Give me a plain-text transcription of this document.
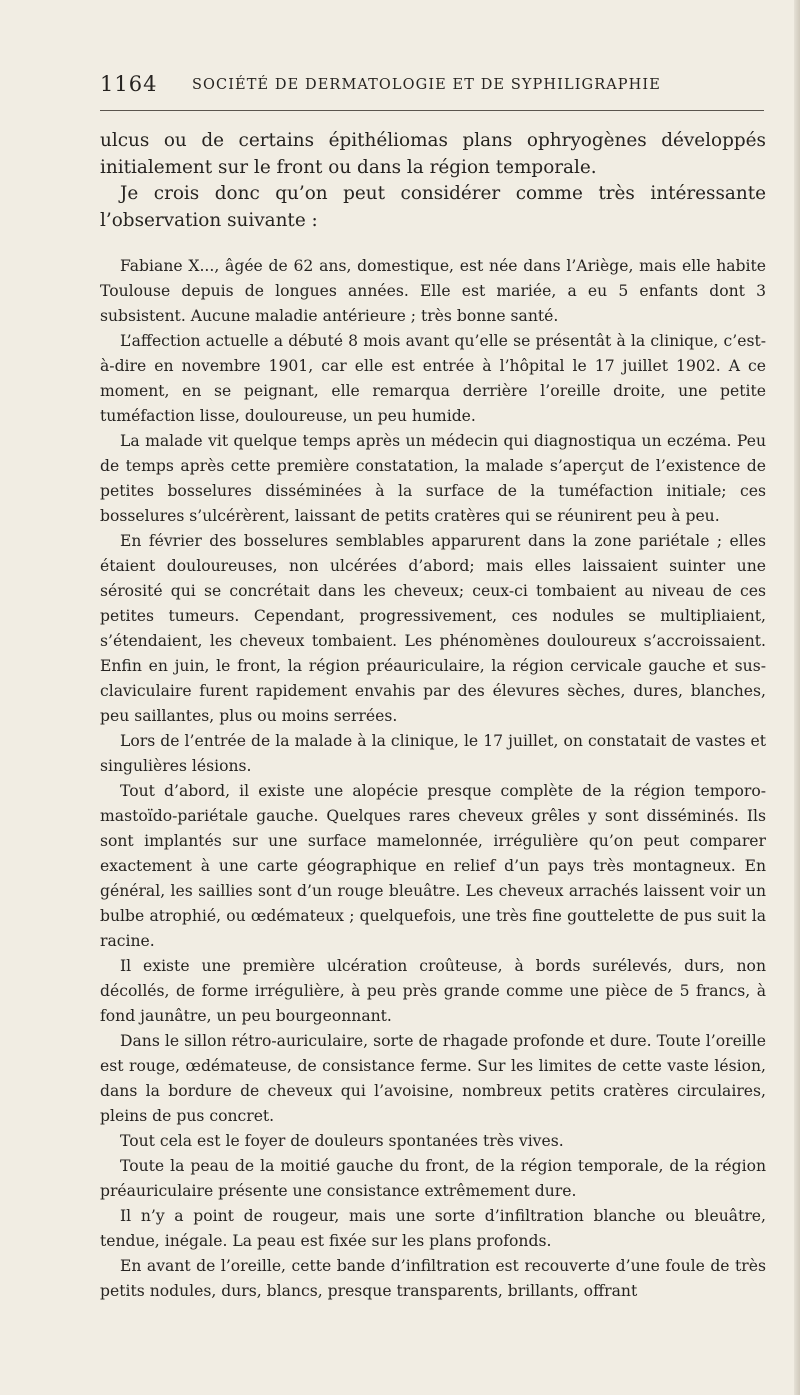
1164 SOCIÉTÉ DE DERMATOLOGIE ET DE SYPHILIGRAPHIE

ulcus ou de certains épithéliomas plans ophryogènes développés initialement sur le front ou dans la région temporale.

Je crois donc qu’on peut considérer comme très intéressante l’observation suivante :

Fabiane X..., âgée de 62 ans, domestique, est née dans l’Ariège, mais elle habite Toulouse depuis de longues années. Elle est mariée, a eu 5 enfants dont 3 subsistent. Aucune maladie antérieure ; très bonne santé.

L’affection actuelle a débuté 8 mois avant qu’elle se présentât à la clinique, c’est-à-dire en novembre 1901, car elle est entrée à l’hôpital le 17 juillet 1902. A ce moment, en se peignant, elle remarqua derrière l’oreille droite, une petite tuméfaction lisse, douloureuse, un peu humide.

La malade vit quelque temps après un médecin qui diagnostiqua un eczéma. Peu de temps après cette première constatation, la malade s’aperçut de l’existence de petites bosselures disséminées à la surface de la tuméfaction initiale; ces bosselures s’ulcérèrent, laissant de petits cratères qui se réunirent peu à peu.

En février des bosselures semblables apparurent dans la zone pariétale ; elles étaient douloureuses, non ulcérées d’abord; mais elles laissaient suinter une sérosité qui se concrétait dans les cheveux; ceux-ci tombaient au niveau de ces petites tumeurs. Cependant, progressivement, ces nodules se multipliaient, s’étendaient, les cheveux tombaient. Les phénomènes douloureux s’accroissaient. Enfin en juin, le front, la région préauriculaire, la région cervicale gauche et sus-claviculaire furent rapidement envahis par des élevures sèches, dures, blanches, peu saillantes, plus ou moins serrées.

Lors de l’entrée de la malade à la clinique, le 17 juillet, on constatait de vastes et singulières lésions.

Tout d’abord, il existe une alopécie presque complète de la région temporo-mastoïdo-pariétale gauche. Quelques rares cheveux grêles y sont disséminés. Ils sont implantés sur une surface mamelonnée, irrégulière qu’on peut comparer exactement à une carte géographique en relief d’un pays très montagneux. En général, les saillies sont d’un rouge bleuâtre. Les cheveux arrachés laissent voir un bulbe atrophié, ou œdémateux ; quelquefois, une très fine gouttelette de pus suit la racine.

Il existe une première ulcération croûteuse, à bords surélevés, durs, non décollés, de forme irrégulière, à peu près grande comme une pièce de 5 francs, à fond jaunâtre, un peu bourgeonnant.

Dans le sillon rétro-auriculaire, sorte de rhagade profonde et dure. Toute l’oreille est rouge, œdémateuse, de consistance ferme. Sur les limites de cette vaste lésion, dans la bordure de cheveux qui l’avoisine, nombreux petits cratères circulaires, pleins de pus concret.

Tout cela est le foyer de douleurs spontanées très vives.

Toute la peau de la moitié gauche du front, de la région temporale, de la région préauriculaire présente une consistance extrêmement dure.

Il n’y a point de rougeur, mais une sorte d’infiltration blanche ou bleuâtre, tendue, inégale. La peau est fixée sur les plans profonds.

En avant de l’oreille, cette bande d’infiltration est recouverte d’une foule de très petits nodules, durs, blancs, presque transparents, brillants, offrant
